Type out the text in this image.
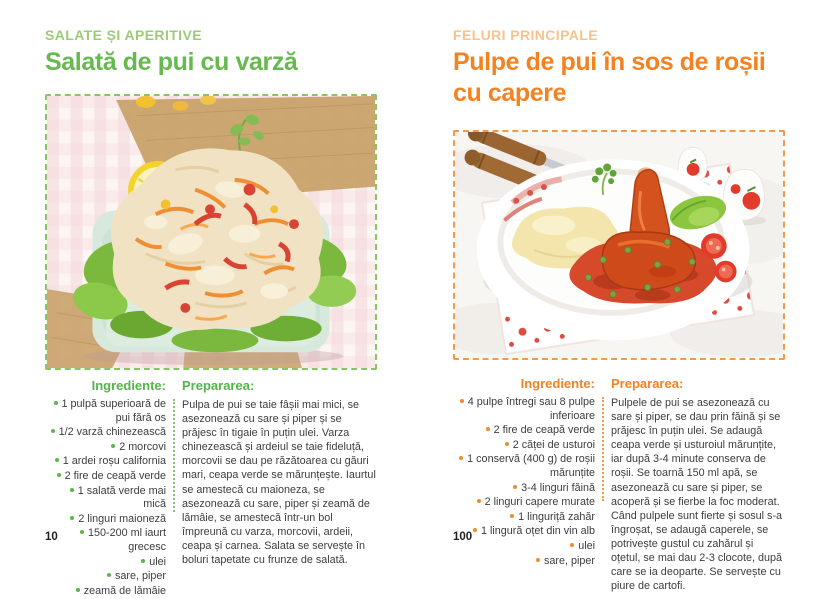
SALATE ȘI APERITIVE
Salată de pui cu varză
Ingrediente:
1 pulpă superioară de pui fără os
1/2 varză chinezească
2 morcovi
1 ardei roșu california
2 fire de ceapă verde
1 salată verde mai mică
2 linguri maioneză
150-200 ml iaurt grecesc
ulei
sare, piper
zeamă de lămâie
Prepararea:
Pulpa de pui se taie fâșii mai mici, se asezonează cu sare și piper și se prăjesc în tigaie în puțin ulei. Varza chinezească și ardeiul se taie fideluță, morcovii se dau pe răzătoarea cu găuri mari, ceapa verde se mărunțește. Iaurtul se amestecă cu maioneza, se asezonează cu sare, piper și zeamă de lămâie, se amestecă într-un bol împreună cu varza, morcovii, ardeii, ceapa și carnea. Salata se servește în boluri tapetate cu frunze de salată.
10
FELURI PRINCIPALE
Pulpe de pui în sos de roșii
cu capere
Ingrediente:
4 pulpe întregi sau 8 pulpe inferioare
2 fire de ceapă verde
2 căței de usturoi
1 conservă (400 g) de roșii mărunțite
3-4 linguri făină
2 linguri capere murate
1 linguriță zahăr
1 lingură oțet din vin alb
ulei
sare, piper
Prepararea:
Pulpele de pui se asezonează cu sare și piper, se dau prin făină și se prăjesc în puțin ulei. Se adaugă ceapa verde și usturoiul mărunțite, iar după 3-4 minute conserva de roșii. Se toarnă 150 ml apă, se asezonează cu sare și piper, se acoperă și se fierbe la foc moderat. Când pulpele sunt fierte și sosul s-a îngroșat, se adaugă caperele, se potrivește gustul cu zahărul și oțetul, se mai dau 2-3 clocote, după care se ia deoparte. Se servește cu piure de cartofi.
100
